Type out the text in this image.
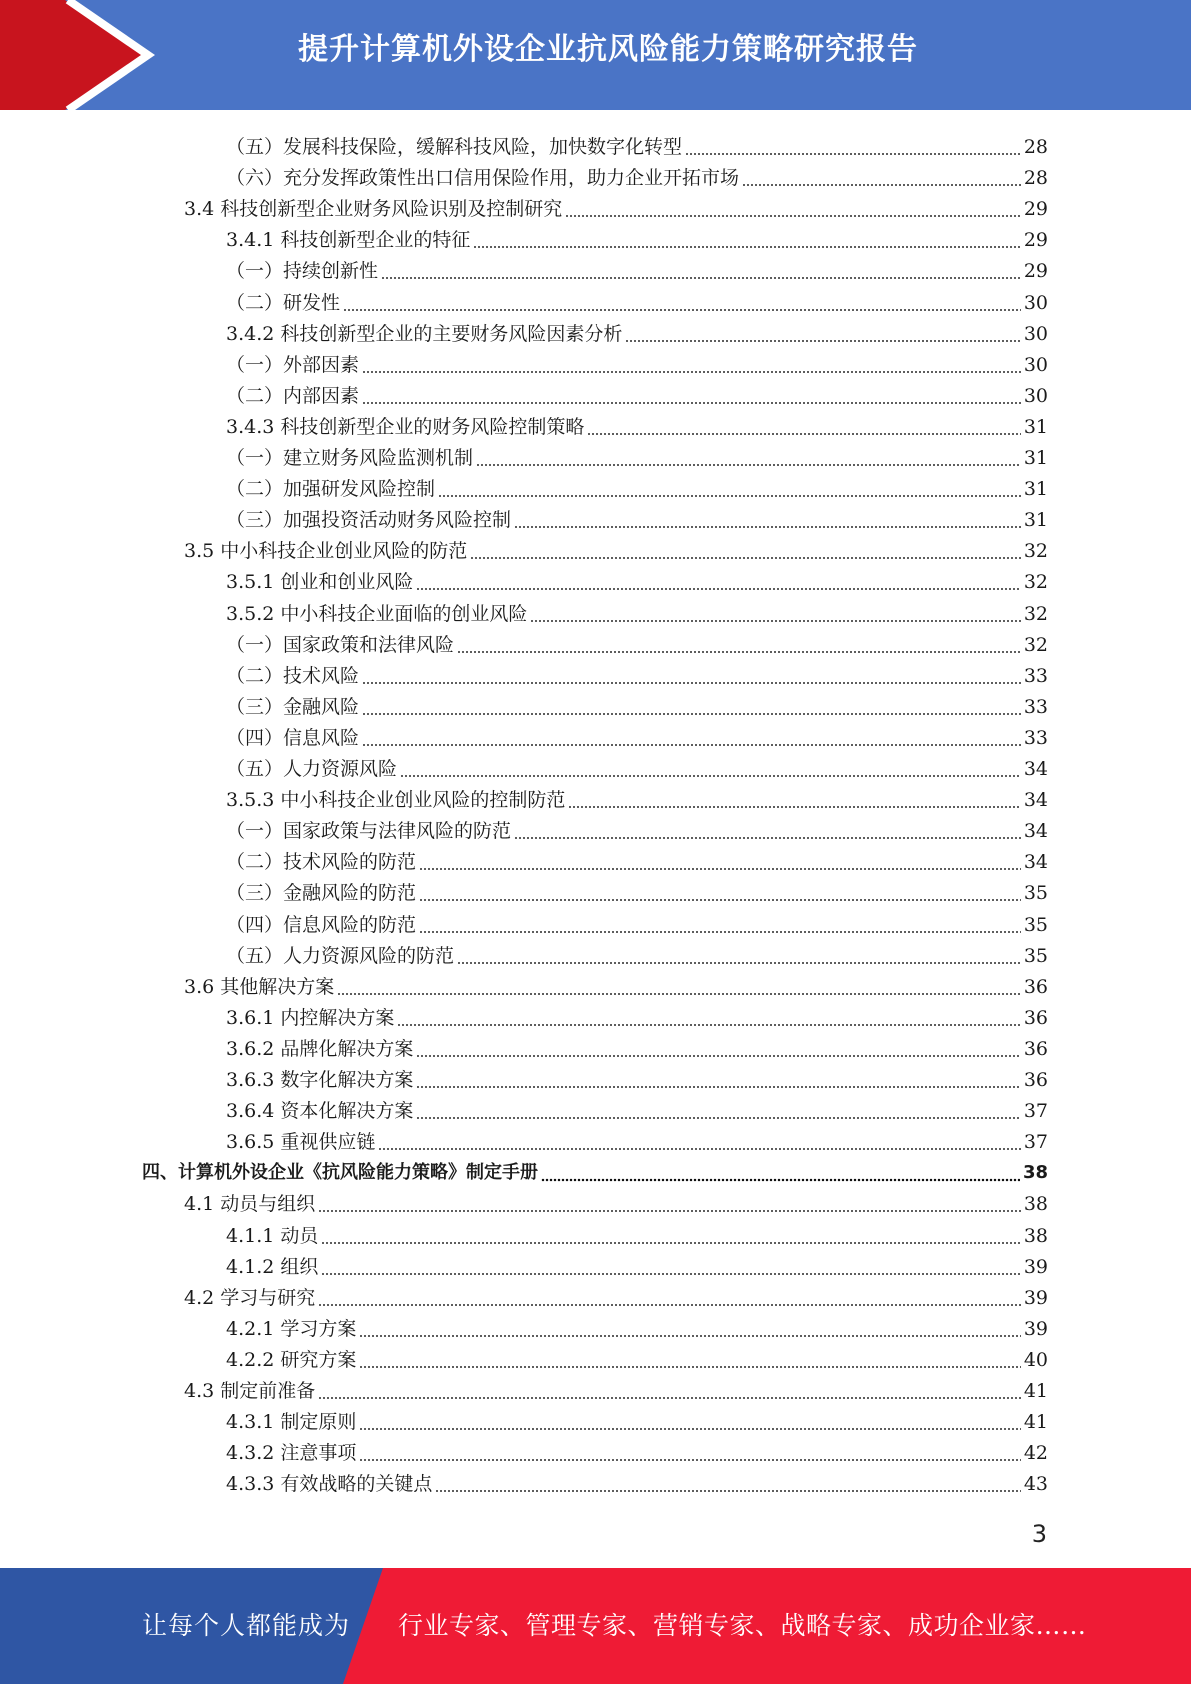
提升计算机外设企业抗风险能力策略研究报告
（五）发展科技保险，缓解科技风险，加快数字化转型	28
（六）充分发挥政策性出口信用保险作用，助力企业开拓市场	28
3.4 科技创新型企业财务风险识别及控制研究	29
3.4.1 科技创新型企业的特征	29
（一）持续创新性	29
（二）研发性	30
3.4.2 科技创新型企业的主要财务风险因素分析	30
（一）外部因素	30
（二）内部因素	30
3.4.3 科技创新型企业的财务风险控制策略	31
（一）建立财务风险监测机制	31
（二）加强研发风险控制	31
（三）加强投资活动财务风险控制	31
3.5 中小科技企业创业风险的防范	32
3.5.1 创业和创业风险	32
3.5.2 中小科技企业面临的创业风险	32
（一）国家政策和法律风险	32
（二）技术风险	33
（三）金融风险	33
（四）信息风险	33
（五）人力资源风险	34
3.5.3 中小科技企业创业风险的控制防范	34
（一）国家政策与法律风险的防范	34
（二）技术风险的防范	34
（三）金融风险的防范	35
（四）信息风险的防范	35
（五）人力资源风险的防范	35
3.6 其他解决方案	36
3.6.1 内控解决方案	36
3.6.2 品牌化解决方案	36
3.6.3 数字化解决方案	36
3.6.4 资本化解决方案	37
3.6.5 重视供应链	37
四、计算机外设企业《抗风险能力策略》制定手册	38
4.1 动员与组织	38
4.1.1 动员	38
4.1.2 组织	39
4.2 学习与研究	39
4.2.1 学习方案	39
4.2.2 研究方案	40
4.3 制定前准备	41
4.3.1 制定原则	41
4.3.2 注意事项	42
4.3.3 有效战略的关键点	43
3
让每个人都能成为 行业专家、管理专家、营销专家、战略专家、成功企业家……
